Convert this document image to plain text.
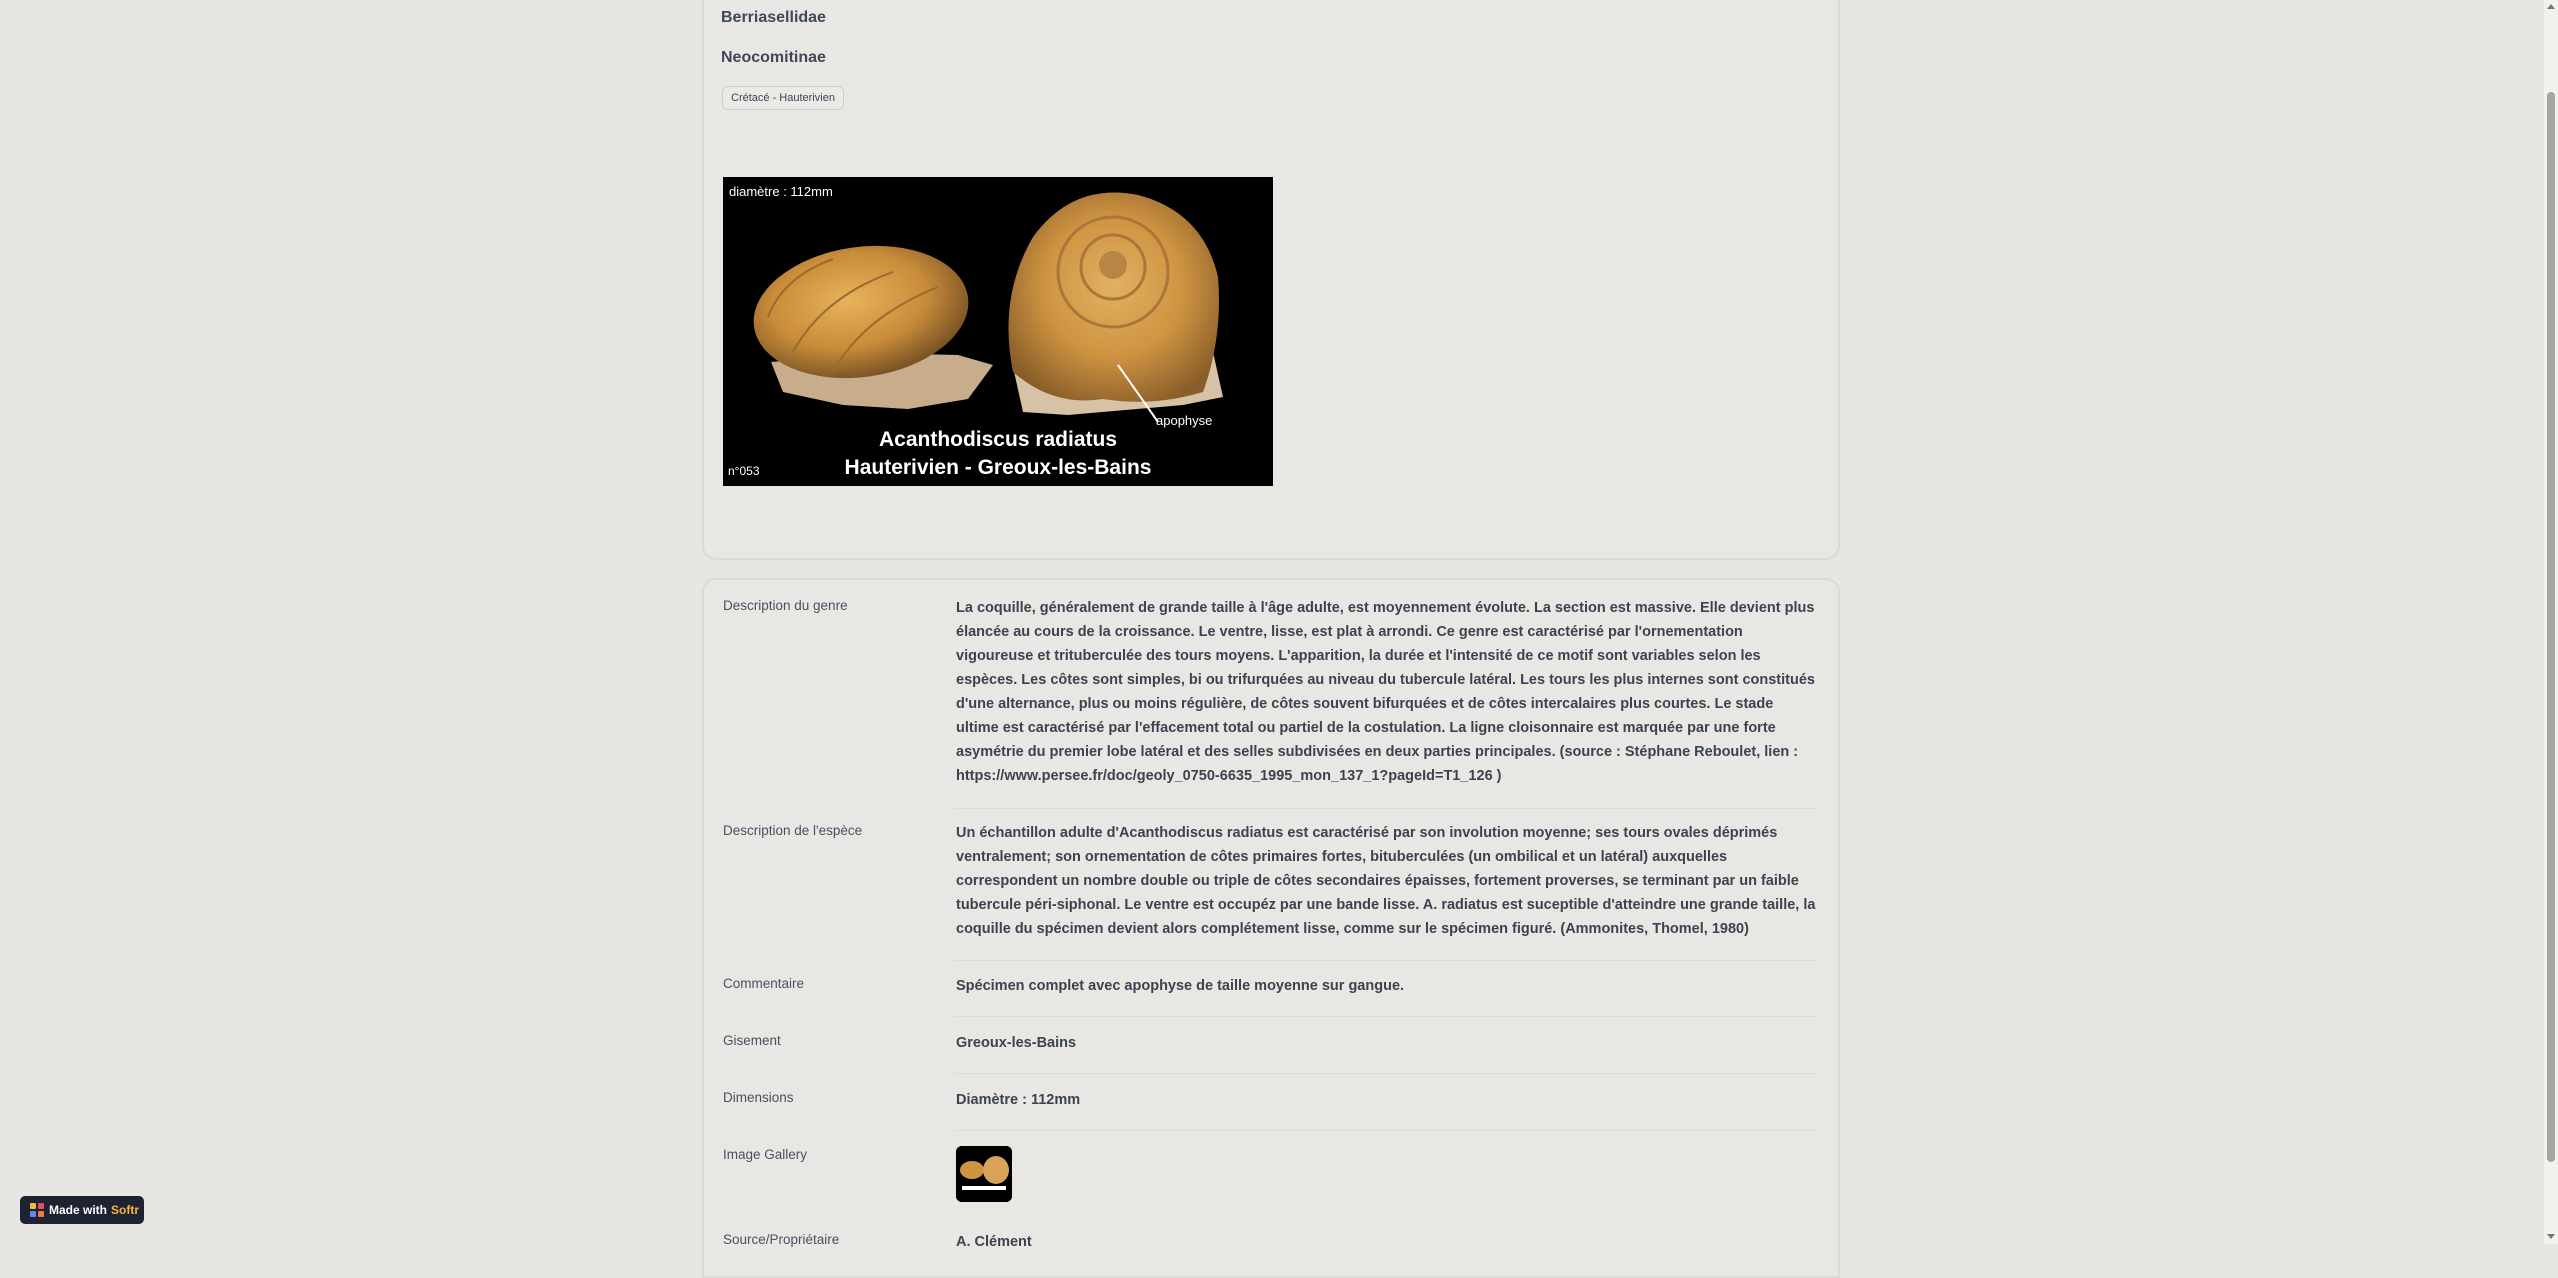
Berriasellidae
Neocomitinae
Crétacé - Hauterivien
diamètre : 112mm
apophyse
Acanthodiscus radiatus
Hauterivien - Greoux-les-Bains
n°053
Description du genre	La coquille, généralement de grande taille à l'âge adulte, est moyennement évolute. La section est massive. Elle devient plus élancée au cours de la croissance. Le ventre, lisse, est plat à arrondi. Ce genre est caractérisé par l'ornementation vigoureuse et trituberculée des tours moyens. L'apparition, la durée et l'intensité de ce motif sont variables selon les espèces. Les côtes sont simples, bi ou trifurquées au niveau du tubercule latéral. Les tours les plus internes sont constitués d'une alternance, plus ou moins régulière, de côtes souvent bifurquées et de côtes intercalaires plus courtes. Le stade ultime est caractérisé par l'effacement total ou partiel de la costulation. La ligne cloisonnaire est marquée par une forte asymétrie du premier lobe latéral et des selles subdivisées en deux parties principales. (source : Stéphane Reboulet, lien : https://www.persee.fr/doc/geoly_0750-6635_1995_mon_137_1?pageId=T1_126 )
Description de l'espèce	Un échantillon adulte d'Acanthodiscus radiatus est caractérisé par son involution moyenne; ses tours ovales déprimés ventralement; son ornementation de côtes primaires fortes, bituberculées (un ombilical et un latéral) auxquelles correspondent un nombre double ou triple de côtes secondaires épaisses, fortement proverses, se terminant par un faible tubercule péri-siphonal. Le ventre est occupéz par une bande lisse. A. radiatus est suceptible d'atteindre une grande taille, la coquille du spécimen devient alors complétement lisse, comme sur le spécimen figuré. (Ammonites, Thomel, 1980)
Commentaire	Spécimen complet avec apophyse de taille moyenne sur gangue.
Gisement	Greoux-les-Bains
Dimensions	Diamètre : 112mm
Image Gallery
Source/Propriétaire	A. Clément
Made with Softr
